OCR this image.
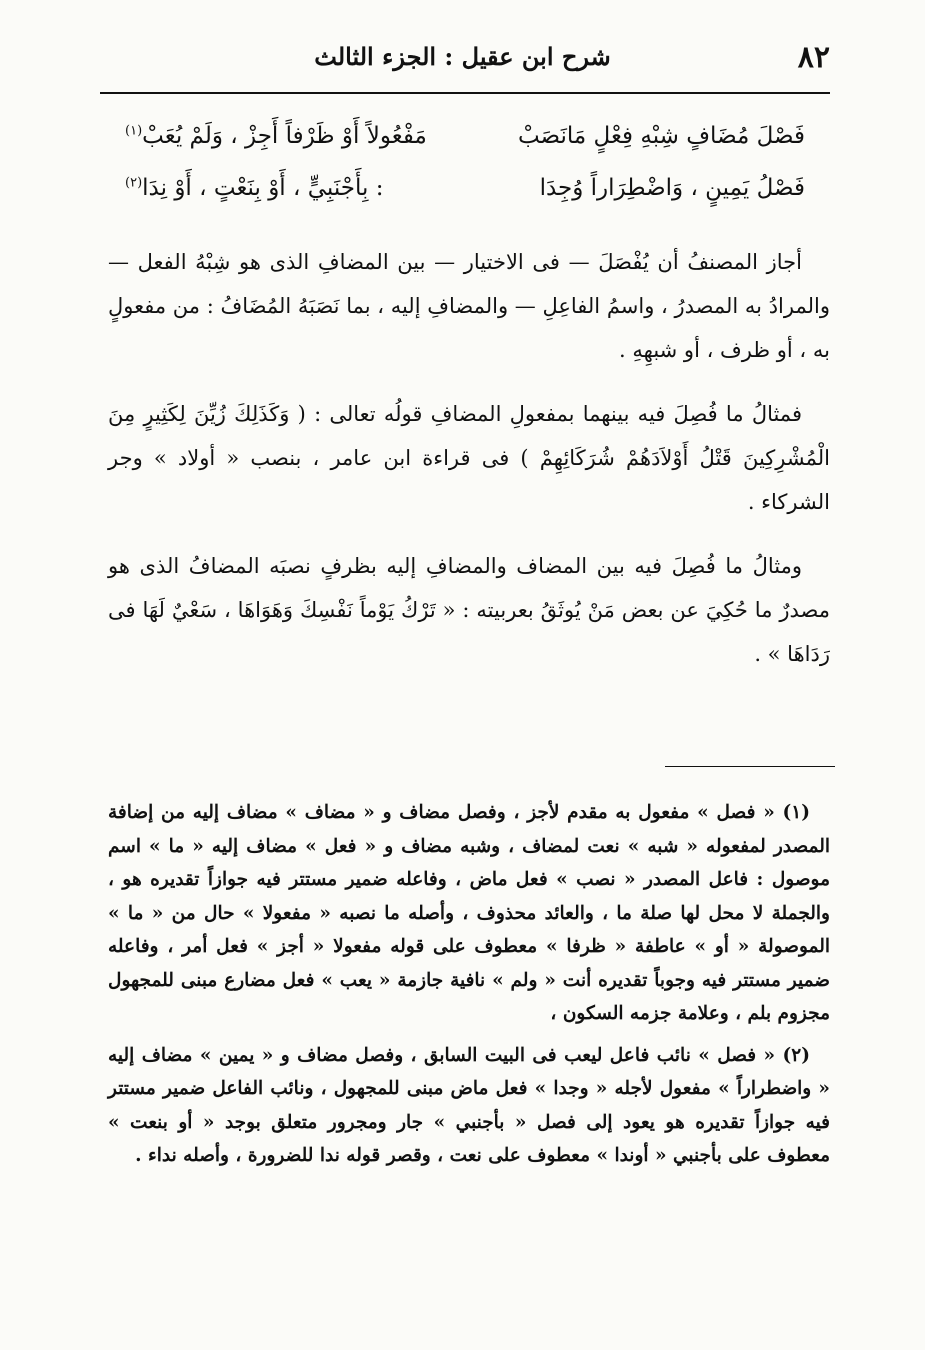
٨٢
شرح ابن عقيل : الجزء الثالث
فَصْلَ مُضَافٍ شِبْهِ فِعْلٍ مَانَصَبْ
مَفْعُولاً أَوْ ظَرْفاً أَجِزْ ، وَلَمْ يُعَبْ$^{(١)}$
فَصْلُ يَمِينٍ ، وَاضْطِرَاراً وُجِدَا
: بِأَجْنَبِيٍّ ، أَوْ بِنَعْتٍ ، أَوْ نِدَا$^{(٢)}$

أجاز المصنفُ أن يُفْصَلَ — فى الاختيار — بين المضافِ الذى هو شِبْهُ الفعل — والمرادُ به المصدرُ ، واسمُ الفاعِلِ — والمضافِ إليه ، بما نَصَبَهُ المُضَافُ : من مفعولٍ به ، أو ظرف ، أو شبهِهِ .

فمثالُ ما فُصِلَ فيه بينهما بمفعولِ المضافِ قولُه تعالى : ( وَكَذَلِكَ زُيِّنَ لِكَثِيرٍ مِنَ الْمُشْرِكِينَ قَتْلُ أَوْلاَدَهُمْ شُرَكَائِهِمْ ) فى قراءة ابن عامر ، بنصب « أولاد » وجر الشركاء .

ومثالُ ما فُصِلَ فيه بين المضاف والمضافِ إليه بظرفٍ نصبَه المضافُ الذى هو مصدرٌ ما حُكِيَ عن بعض مَنْ يُوثَقُ بعربيته : « تَرْكُ يَوْماً نَفْسِكَ وَهَوَاهَا ، سَعْيٌ لَهَا فى رَدَاهَا » .

(١) « فصل » مفعول به مقدم لأجز ، وفصل مضاف و « مضاف » مضاف إليه من إضافة المصدر لمفعوله « شبه » نعت لمضاف ، وشبه مضاف و « فعل » مضاف إليه « ما » اسم موصول : فاعل المصدر « نصب » فعل ماض ، وفاعله ضمير مستتر فيه جوازاً تقديره هو ، والجملة لا محل لها صلة ما ، والعائد محذوف ، وأصله ما نصبه « مفعولا » حال من « ما » الموصولة « أو » عاطفة « ظرفا » معطوف على قوله مفعولا « أجز » فعل أمر ، وفاعله ضمير مستتر فيه وجوباً تقديره أنت « ولم » نافية جازمة « يعب » فعل مضارع مبنى للمجهول مجزوم بلم ، وعلامة جزمه السكون ،

(٢) « فصل » نائب فاعل ليعب فى البيت السابق ، وفصل مضاف و « يمين » مضاف إليه « واضطراراً » مفعول لأجله « وجدا » فعل ماض مبنى للمجهول ، ونائب الفاعل ضمير مستتر فيه جوازاً تقديره هو يعود إلى فصل « بأجنبي » جار ومجرور متعلق بوجد « أو بنعت » معطوف على بأجنبي « أوندا » معطوف على نعت ، وقصر قوله ندا للضرورة ، وأصله نداء .
